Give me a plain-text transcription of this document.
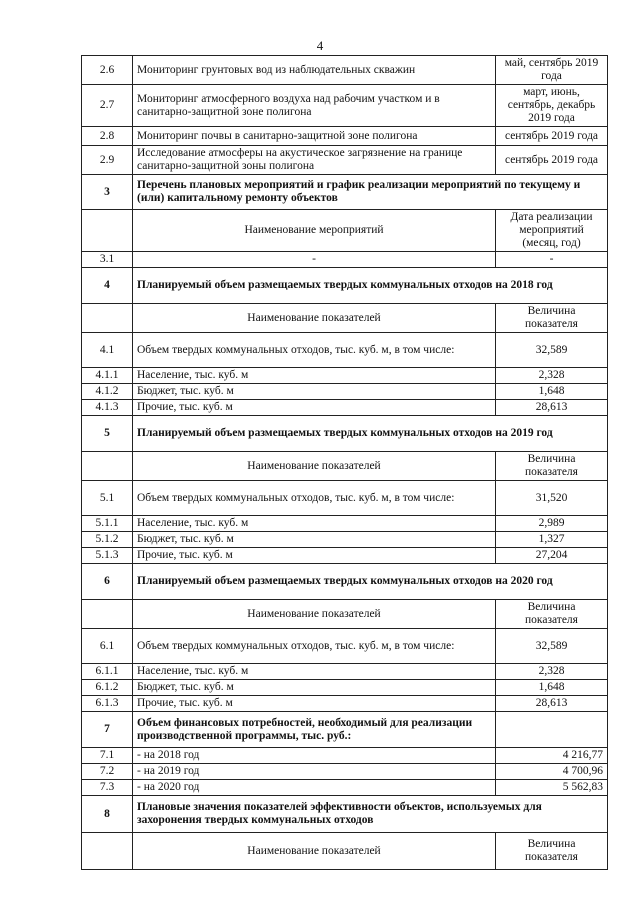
4
2.6	Мониторинг грунтовых вод из наблюдательных скважин	май, сентябрь 2019 года
2.7	Мониторинг атмосферного воздуха над рабочим участком и в санитарно-защитной зоне полигона	март, июнь, сентябрь, декабрь 2019 года
2.8	Мониторинг почвы в санитарно-защитной зоне полигона	сентябрь 2019 года
2.9	Исследование атмосферы на акустическое загрязнение на границе санитарно-защитной зоны полигона	сентябрь 2019 года
3	Перечень плановых мероприятий и график реализации мероприятий по текущему и (или) капитальному ремонту объектов	
	Наименование мероприятий	Дата реализации мероприятий (месяц, год)
3.1	-	-
4	Планируемый объем размещаемых твердых коммунальных отходов на 2018 год	
	Наименование показателей	Величина показателя
4.1	Объем твердых коммунальных отходов, тыс. куб. м, в том числе:	32,589
4.1.1	Население, тыс. куб. м	2,328
4.1.2	Бюджет, тыс. куб. м	1,648
4.1.3	Прочие, тыс. куб. м	28,613
5	Планируемый объем размещаемых твердых коммунальных отходов на 2019 год	
	Наименование показателей	Величина показателя
5.1	Объем твердых коммунальных отходов, тыс. куб. м, в том числе:	31,520
5.1.1	Население, тыс. куб. м	2,989
5.1.2	Бюджет, тыс. куб. м	1,327
5.1.3	Прочие, тыс. куб. м	27,204
6	Планируемый объем размещаемых твердых коммунальных отходов на 2020 год	
	Наименование показателей	Величина показателя
6.1	Объем твердых коммунальных отходов, тыс. куб. м, в том числе:	32,589
6.1.1	Население, тыс. куб. м	2,328
6.1.2	Бюджет, тыс. куб. м	1,648
6.1.3	Прочие, тыс. куб. м	28,613
7	Объем финансовых потребностей, необходимый для реализации производственной программы, тыс. руб.:	
7.1	- на 2018 год	4 216,77
7.2	- на 2019 год	4 700,96
7.3	- на 2020 год	5 562,83
8	Плановые значения показателей эффективности объектов, используемых для захоронения твердых коммунальных отходов	
	Наименование показателей	Величина показателя
